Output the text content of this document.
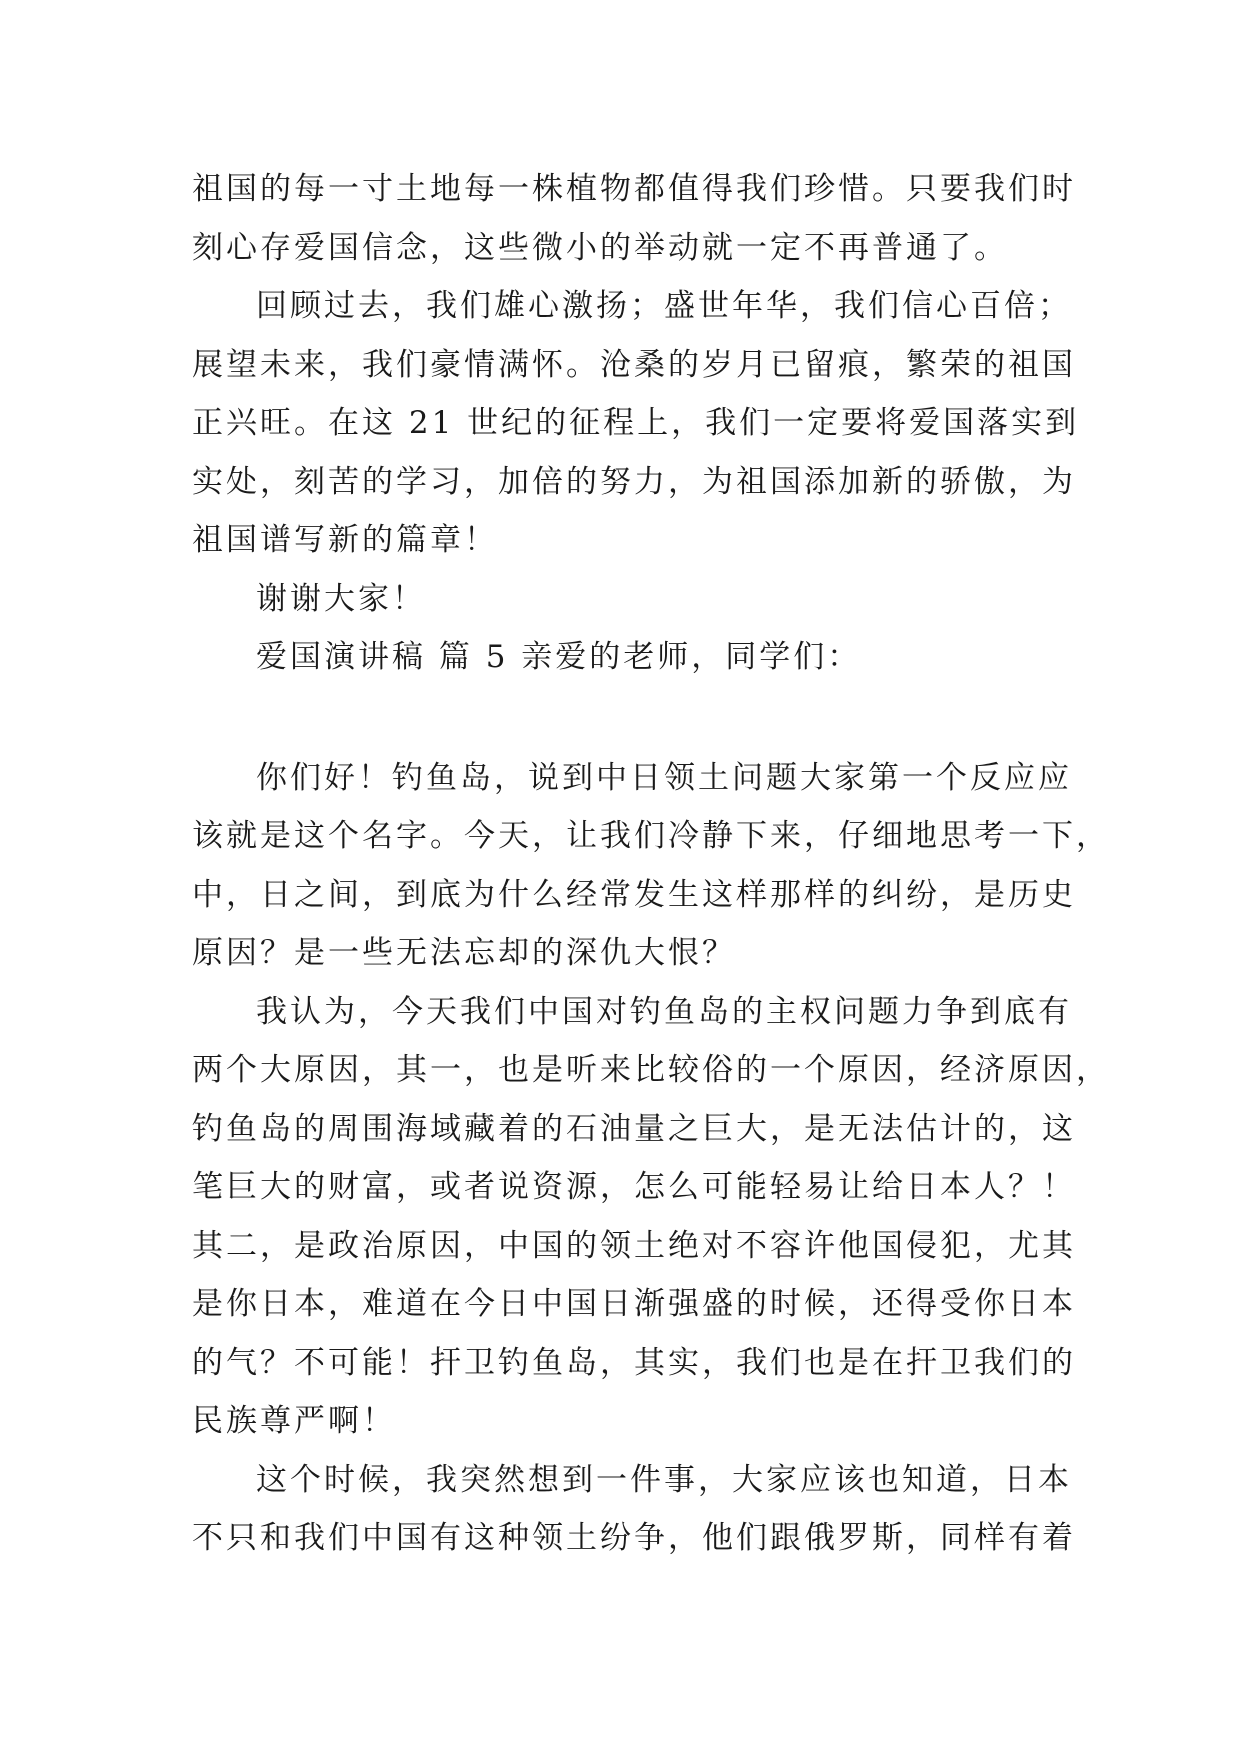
祖国的每一寸土地每一株植物都值得我们珍惜。只要我们时
刻心存爱国信念，这些微小的举动就一定不再普通了。
回顾过去，我们雄心激扬；盛世年华，我们信心百倍；
展望未来，我们豪情满怀。沧桑的岁月已留痕，繁荣的祖国
正兴旺。在这 21 世纪的征程上，我们一定要将爱国落实到
实处，刻苦的学习，加倍的努力，为祖国添加新的骄傲，为
祖国谱写新的篇章！
谢谢大家！
爱国演讲稿 篇 5 亲爱的老师，同学们：
你们好！钓鱼岛，说到中日领土问题大家第一个反应应
该就是这个名字。今天，让我们冷静下来，仔细地思考一下，
中，日之间，到底为什么经常发生这样那样的纠纷，是历史
原因？是一些无法忘却的深仇大恨？
我认为，今天我们中国对钓鱼岛的主权问题力争到底有
两个大原因，其一，也是听来比较俗的一个原因，经济原因，
钓鱼岛的周围海域藏着的石油量之巨大，是无法估计的，这
笔巨大的财富，或者说资源，怎么可能轻易让给日本人？！
其二，是政治原因，中国的领土绝对不容许他国侵犯，尤其
是你日本，难道在今日中国日渐强盛的时候，还得受你日本
的气？不可能！扞卫钓鱼岛，其实，我们也是在扞卫我们的
民族尊严啊！
这个时候，我突然想到一件事，大家应该也知道，日本
不只和我们中国有这种领土纷争，他们跟俄罗斯，同样有着
